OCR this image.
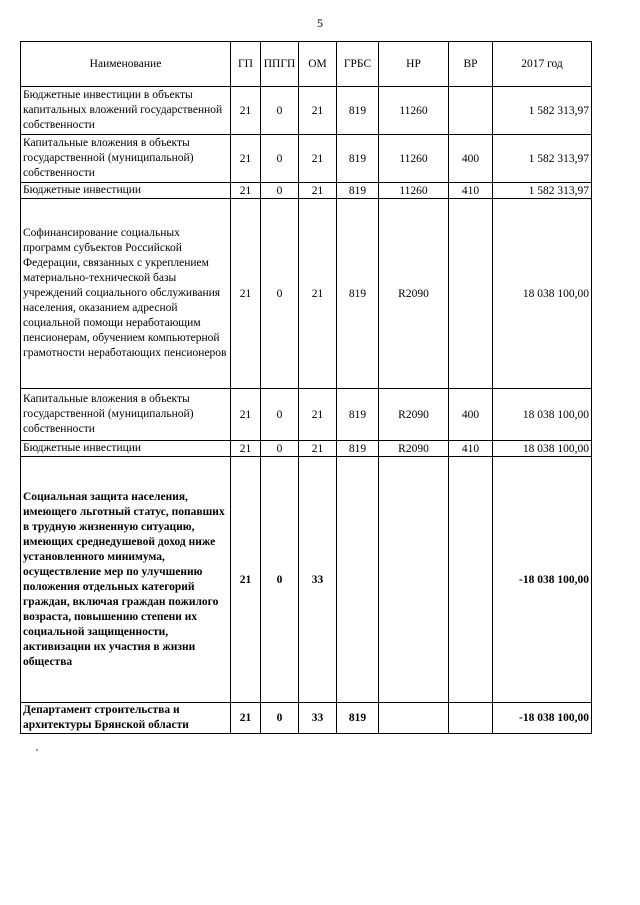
5
Наименование	ГП	ППГП	ОМ	ГРБС	НР	ВР	2017 год
Бюджетные инвестиции в объекты капитальных вложений государственной собственности	21	0	21	819	11260		1 582 313,97
Капитальные вложения в объекты государственной (муниципальной) собственности	21	0	21	819	11260	400	1 582 313,97
Бюджетные инвестиции	21	0	21	819	11260	410	1 582 313,97
Софинансирование социальных программ субъектов Российской Федерации, связанных с укреплением материально-технической базы учреждений социального обслуживания населения, оказанием адресной социальной помощи неработающим пенсионерам, обучением компьютерной грамотности неработающих пенсионеров	21	0	21	819	R2090		18 038 100,00
Капитальные вложения в объекты государственной (муниципальной) собственности	21	0	21	819	R2090	400	18 038 100,00
Бюджетные инвестиции	21	0	21	819	R2090	410	18 038 100,00
Социальная защита населения, имеющего льготный статус, попавших в трудную жизненную ситуацию, имеющих среднедушевой доход ниже установленного минимума, осуществление мер по улучшению положения отдельных категорий граждан, включая граждан пожилого возраста, повышению степени их социальной защищенности, активизации их участия в жизни общества	21	0	33				-18 038 100,00
Департамент строительства и архитектуры Брянской области	21	0	33	819			-18 038 100,00
